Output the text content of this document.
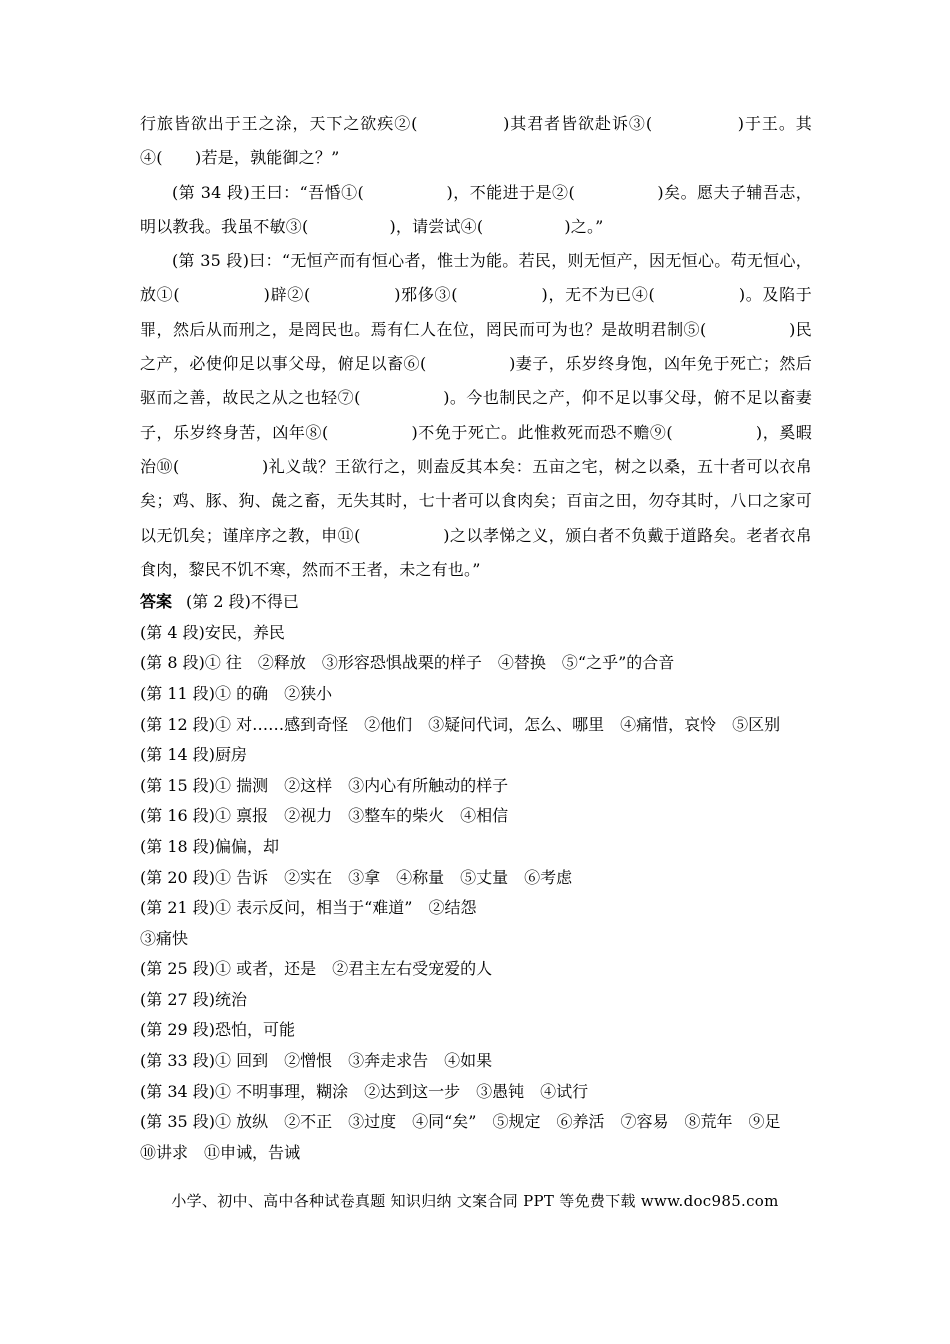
行旅皆欲出于王之涂，天下之欲疾②(　　　　　)其君者皆欲赴诉③(　　　　　)于王。其④(　　)若是，孰能御之？”

(第 34 段)王曰：“吾惛①(　　　　　)，不能进于是②(　　　　　)矣。愿夫子辅吾志，明以教我。我虽不敏③(　　　　　)，请尝试④(　　　　　)之。”

(第 35 段)曰：“无恒产而有恒心者，惟士为能。若民，则无恒产，因无恒心。苟无恒心，放①(　　　　　)辟②(　　　　　)邪侈③(　　　　　)，无不为已④(　　　　　)。及陷于罪，然后从而刑之，是罔民也。焉有仁人在位，罔民而可为也？是故明君制⑤(　　　　　)民之产，必使仰足以事父母，俯足以畜⑥(　　　　　)妻子，乐岁终身饱，凶年免于死亡；然后驱而之善，故民之从之也轻⑦(　　　　　)。今也制民之产，仰不足以事父母，俯不足以畜妻子，乐岁终身苦，凶年⑧(　　　　　)不免于死亡。此惟救死而恐不赡⑨(　　　　　)，奚暇治⑩(　　　　　)礼义哉？王欲行之，则盍反其本矣：五亩之宅，树之以桑，五十者可以衣帛矣；鸡、豚、狗、彘之畜，无失其时，七十者可以食肉矣；百亩之田，勿夺其时，八口之家可以无饥矣；谨庠序之教，申⑪(　　　　　)之以孝悌之义，颁白者不负戴于道路矣。老者衣帛食肉，黎民不饥不寒，然而不王者，未之有也。”

答案 (第 2 段)不得已

(第 4 段)安民，养民

(第 8 段)① 往　②释放　③形容恐惧战栗的样子　④替换　⑤“之乎”的合音

(第 11 段)① 的确　②狭小

(第 12 段)① 对……感到奇怪　②他们　③疑问代词，怎么、哪里　④痛惜，哀怜　⑤区别

(第 14 段)厨房

(第 15 段)① 揣测　②这样　③内心有所触动的样子

(第 16 段)① 禀报　②视力　③整车的柴火　④相信

(第 18 段)偏偏，却

(第 20 段)① 告诉　②实在　③拿　④称量　⑤丈量　⑥考虑

(第 21 段)① 表示反问，相当于“难道”　②结怨

③痛快

(第 25 段)① 或者，还是　②君主左右受宠爱的人

(第 27 段)统治

(第 29 段)恐怕，可能

(第 33 段)① 回到　②憎恨　③奔走求告　④如果

(第 34 段)① 不明事理，糊涂　②达到这一步　③愚钝　④试行

(第 35 段)① 放纵　②不正　③过度　④同“矣”　⑤规定　⑥养活　⑦容易　⑧荒年　⑨足　⑩讲求　⑪申诫，告诫

小学、初中、高中各种试卷真题 知识归纳 文案合同 PPT 等免费下载 www.doc985.com
